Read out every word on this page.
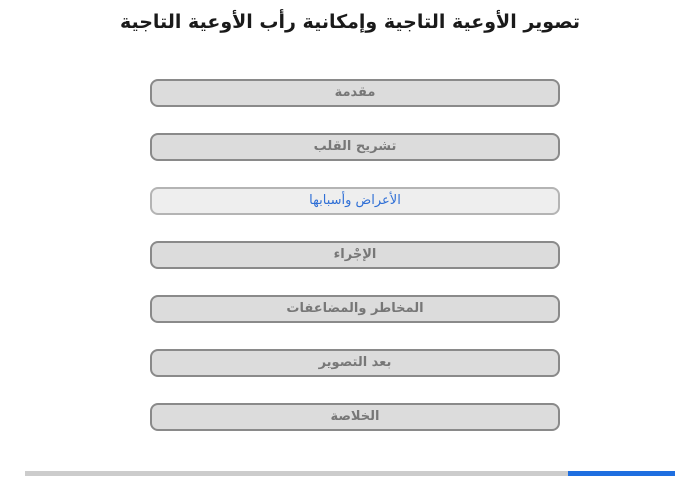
تصوير الأوعية التاجية وإمكانية رأب الأوعية التاجية
مقدمة
تشريح القلب
الأعراض وأسبابها
الإجْراء
المخاطر والمضاعفات
بعد التصوير
الخلاصة
